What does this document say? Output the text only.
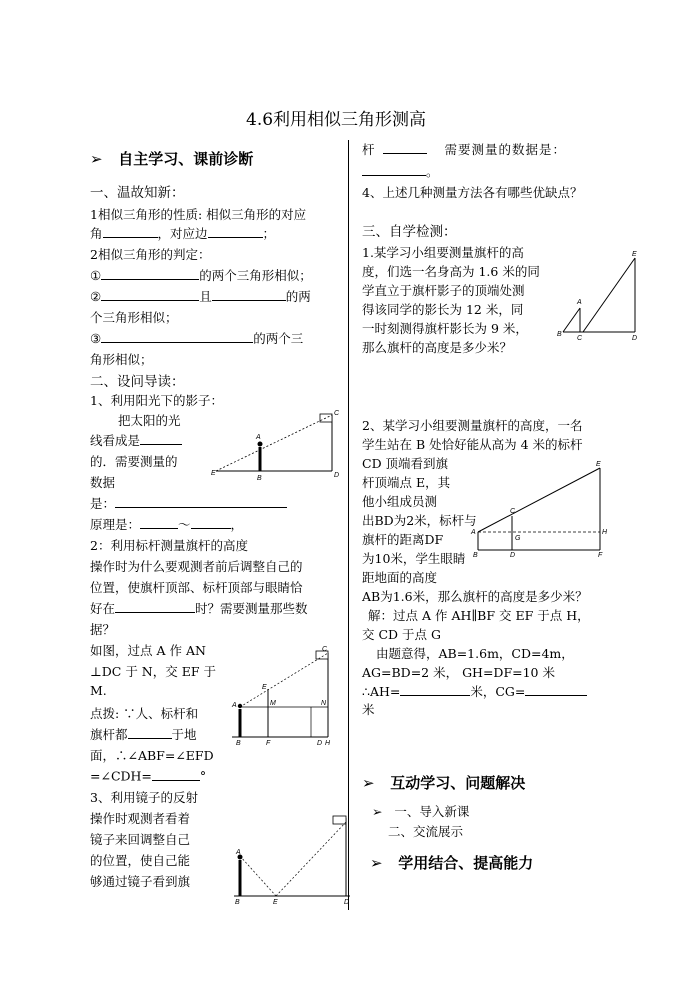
4.6利用相似三角形测高
➢ 自主学习、课前诊断
一、温故知新：
1相似三角形的性质: 相似三角形的对应
角	，对应边	；
2相似三角形的判定：
①	的两个三角形相似；
②	且	的两
个三角形相似；
③	的两个三
角形相似；
二、设问导读：
1、利用阳光下的影子：
把太阳的光
线看成是
的．需要测量的
数据
是：
原理是：	～	，
2：利用标杆测量旗杆的高度
操作时为什么要观测者前后调整自己的
位置，使旗杆顶部、标杆顶部与眼睛恰
好在	时？需要测量那些数
据？
如图，过点 A 作 AN
⊥DC 于 N，交 EF 于
M.
点拨: ∵人、标杆和
旗杆都	于地
面，∴∠ABF=∠EFD
=∠CDH=	°
3、利用镜子的反射
操作时观测者看着
镜子来回调整自己
的位置，使自己能
够通过镜子看到旗
E
A
B
C
D
C
E
A	M	N
B	F	D H
A
B	E	D
杆	需要测量的数据是：
。
4、上述几种测量方法各有哪些优缺点？
三、自学检测：
1.某学习小组要测量旗杆的高
度，们选一名身高为 1.6 米的同
学直立于旗杆影子的顶端处测
得该同学的影长为 12 米，同
一时刻测得旗杆影长为 9 米，
那么旗杆的高度是多少米？
A
B
C	D
E
2、某学习小组要测量旗杆的高度，一名
学生站在 B 处恰好能从高为 4 米的标杆
CD 顶端看到旗
杆顶端点 E，其
他小组成员测
出BD为2米，标杆与
旗杆的距离DF
为10米，学生眼睛
距地面的高度
AB为1.6米，那么旗杆的高度是多少米？
E
C
A
G
H
B	D	F
解：过点 A 作 AH∥BF 交 EF 于点 H，
交 CD 于点 G
由题意得，AB=1.6m，CD=4m，
AG=BD=2 米， GH=DF=10 米
∴AH=	米，CG=
米
➢ 互动学习、问题解决
➢ 一、导入新课
二、交流展示
➢ 学用结合、提高能力
